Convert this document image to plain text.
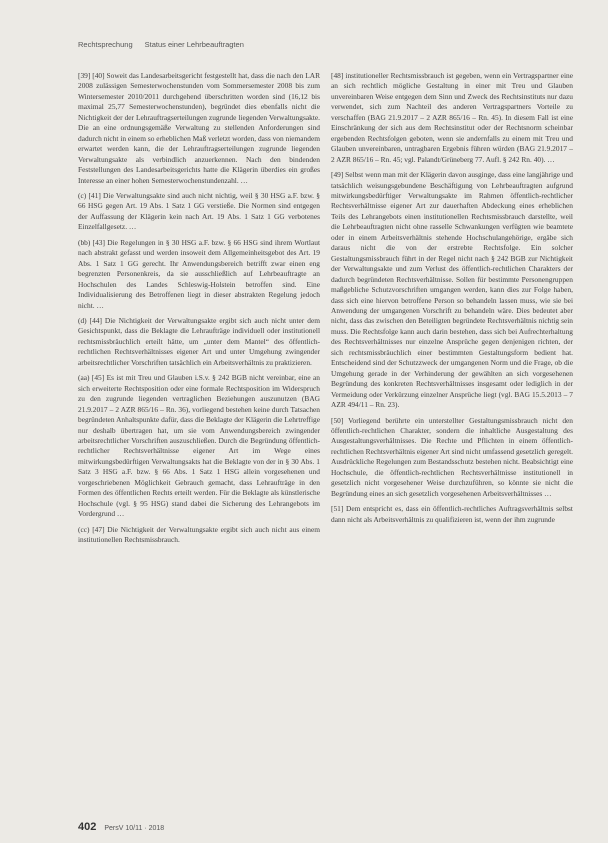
Rechtsprechung Status einer Lehrbeauftragten

[39] [40] Soweit das Landesarbeitsgericht festgestellt hat, dass die nach den LAR 2008 zulässigen Semesterwochenstunden vom Sommersemester 2008 bis zum Wintersemester 2010/2011 durchgehend überschritten worden sind (16,12 bis maximal 25,77 Semesterwochenstunden), begründet dies ebenfalls nicht die Nichtigkeit der der Lehrauftragserteilungen zugrunde liegenden Verwaltungsakte. Die an eine ordnungsgemäße Verwaltung zu stellenden Anforderungen sind dadurch nicht in einem so erheblichen Maß verletzt worden, dass von niemandem erwartet werden kann, die der Lehrauftragserteilungen zugrunde liegenden Verwaltungsakte als verbindlich anzuerkennen. Nach den bindenden Feststellungen des Landesarbeitsgerichts hatte die Klägerin überdies ein großes Interesse an einer hohen Semesterwochenstundenzahl. …

(c) [41] Die Verwaltungsakte sind auch nicht nichtig, weil § 30 HSG a.F. bzw. § 66 HSG gegen Art. 19 Abs. 1 Satz 1 GG verstieße. Die Normen sind entgegen der Auffassung der Klägerin kein nach Art. 19 Abs. 1 Satz 1 GG verbotenes Einzelfallgesetz. …

(bb) [43] Die Regelungen in § 30 HSG a.F. bzw. § 66 HSG sind ihrem Wortlaut nach abstrakt gefasst und werden insoweit dem Allgemeinheitsgebot des Art. 19 Abs. 1 Satz 1 GG gerecht. Ihr Anwendungsbereich betrifft zwar einen eng begrenzten Personenkreis, da sie ausschließlich auf Lehrbeauftragte an Hochschulen des Landes Schleswig-Holstein betroffen sind. Eine Individualisierung des Betroffenen liegt in dieser abstrakten Regelung jedoch nicht. …

(d) [44] Die Nichtigkeit der Verwaltungsakte ergibt sich auch nicht unter dem Gesichtspunkt, dass die Beklagte die Lehraufträge individuell oder institutionell rechtsmissbräuchlich erteilt hätte, um „unter dem Mantel“ des öffentlich-rechtlichen Rechtsverhältnisses eigener Art und unter Umgehung zwingender arbeitsrechtlicher Vorschriften tatsächlich ein Arbeitsverhältnis zu praktizieren.

(aa) [45] Es ist mit Treu und Glauben i.S.v. § 242 BGB nicht vereinbar, eine an sich erweiterte Rechtsposition oder eine formale Rechtsposition im Widerspruch zu den zugrunde liegenden vertraglichen Beziehungen auszunutzen (BAG 21.9.2017 – 2 AZR 865/16 – Rn. 36), vorliegend bestehen keine durch Tatsachen begründeten Anhaltspunkte dafür, dass die Beklagte der Klägerin die Lehrtreffige nur deshalb übertragen hat, um sie vom Anwendungsbereich zwingender arbeitsrechtlicher Vorschriften auszuschließen. Durch die Begründung öffentlich-rechtlicher Rechtsverhältnisse eigener Art im Wege eines mitwirkungsbedürftigen Verwaltungsakts hat die Beklagte von der in § 30 Abs. 1 Satz 3 HSG a.F. bzw. § 66 Abs. 1 Satz 1 HSG allein vorgesehenen und vorgeschriebenen Möglichkeit Gebrauch gemacht, dass Lehraufträge in den Formen des öffentlichen Rechts erteilt werden. Für die Beklagte als künstlerische Hochschule (vgl. § 95 HSG) stand dabei die Sicherung des Lehrangebots im Vordergrund …

(cc) [47] Die Nichtigkeit der Verwaltungsakte ergibt sich auch nicht aus einem institutionellen Rechtsmissbrauch.

[48] institutioneller Rechtsmissbrauch ist gegeben, wenn ein Vertragspartner eine an sich rechtlich mögliche Gestaltung in einer mit Treu und Glauben unvereinbaren Weise entgegen dem Sinn und Zweck des Rechtsinstituts nur dazu verwendet, sich zum Nachteil des anderen Vertragspartners Vorteile zu verschaffen (BAG 21.9.2017 – 2 AZR 865/16 – Rn. 45). In diesem Fall ist eine Einschränkung der sich aus dem Rechtsinstitut oder der Rechtsnorm scheinbar ergebenden Rechtsfolgen geboten, wenn sie andernfalls zu einem mit Treu und Glauben unvereinbaren, untragbaren Ergebnis führen würden (BAG 21.9.2017 – 2 AZR 865/16 – Rn. 45; vgl. Palandt/Grüneberg 77. Aufl. § 242 Rn. 40). …

[49] Selbst wenn man mit der Klägerin davon ausginge, dass eine langjährige und tatsächlich weisungsgebundene Beschäftigung von Lehrbeauftragten aufgrund mitwirkungsbedürftiger Verwaltungsakte im Rahmen öffentlich-rechtlicher Rechtsverhältnisse eigener Art zur dauerhaften Abdeckung eines erheblichen Teils des Lehrangebots einen institutionellen Rechtsmissbrauch darstellte, weil die Lehrbeauftragten nicht ohne rasselle Schwankungen verfügten wie beamtete oder in einem Arbeitsverhältnis stehende Hochschulangehörige, ergäbe sich daraus nicht die von der erstrebte Rechtsfolge. Ein solcher Gestaltungsmissbrauch führt in der Regel nicht nach § 242 BGB zur Nichtigkeit der Verwaltungsakte und zum Verlust des öffentlich-rechtlichen Charakters der dadurch begründeten Rechtsverhältnisse. Sollen für bestimmte Personengruppen maßgebliche Schutzvorschriften umgangen werden, kann dies zur Folge haben, dass sich eine hiervon betroffene Person so behandeln lassen muss, wie sie bei Anwendung der umgangenen Vorschrift zu behandeln wäre. Dies bedeutet aber nicht, dass das zwischen den Beteiligten begründete Rechtsverhältnis nichtig sein muss. Die Rechtsfolge kann auch darin bestehen, dass sich bei Aufrechterhaltung des Rechtsverhältnisses nur einzelne Ansprüche gegen denjenigen richten, der sich rechtsmissbräuchlich einer bestimmten Gestaltungsform bedient hat. Entscheidend sind der Schutzzweck der umgangenen Norm und die Frage, ob die Umgehung gerade in der Verhinderung der gewählten an sich vorgesehenen Begründung des konkreten Rechtsverhältnisses insgesamt oder lediglich in der Vermeidung oder Verkürzung einzelner Ansprüche liegt (vgl. BAG 15.5.2013 – 7 AZR 494/11 – Rn. 23).

[50] Vorliegend berührte ein unterstellter Gestaltungsmissbrauch nicht den öffentlich-rechtlichen Charakter, sondern die inhaltliche Ausgestaltung des Ausgestaltungsverhältnisses. Die Rechte und Pflichten in einem öffentlich-rechtlichen Rechtsverhältnis eigener Art sind nicht umfassend gesetzlich geregelt. Ausdrückliche Regelungen zum Bestandsschutz bestehen nicht. Beabsichtigt eine Hochschule, die öffentlich-rechtlichen Rechtsverhältnisse institutionell in gesetzlich nicht vorgesehener Weise durchzuführen, so könnte sie nicht die Begründung eines an sich gesetzlich vorgesehenen Arbeitsverhältnisses …

[51] Dem entspricht es, dass ein öffentlich-rechtliches Auftragsverhältnis selbst dann nicht als Arbeitsverhältnis zu qualifizieren ist, wenn der ihm zugrunde

402 PersV 10/11 · 2018
